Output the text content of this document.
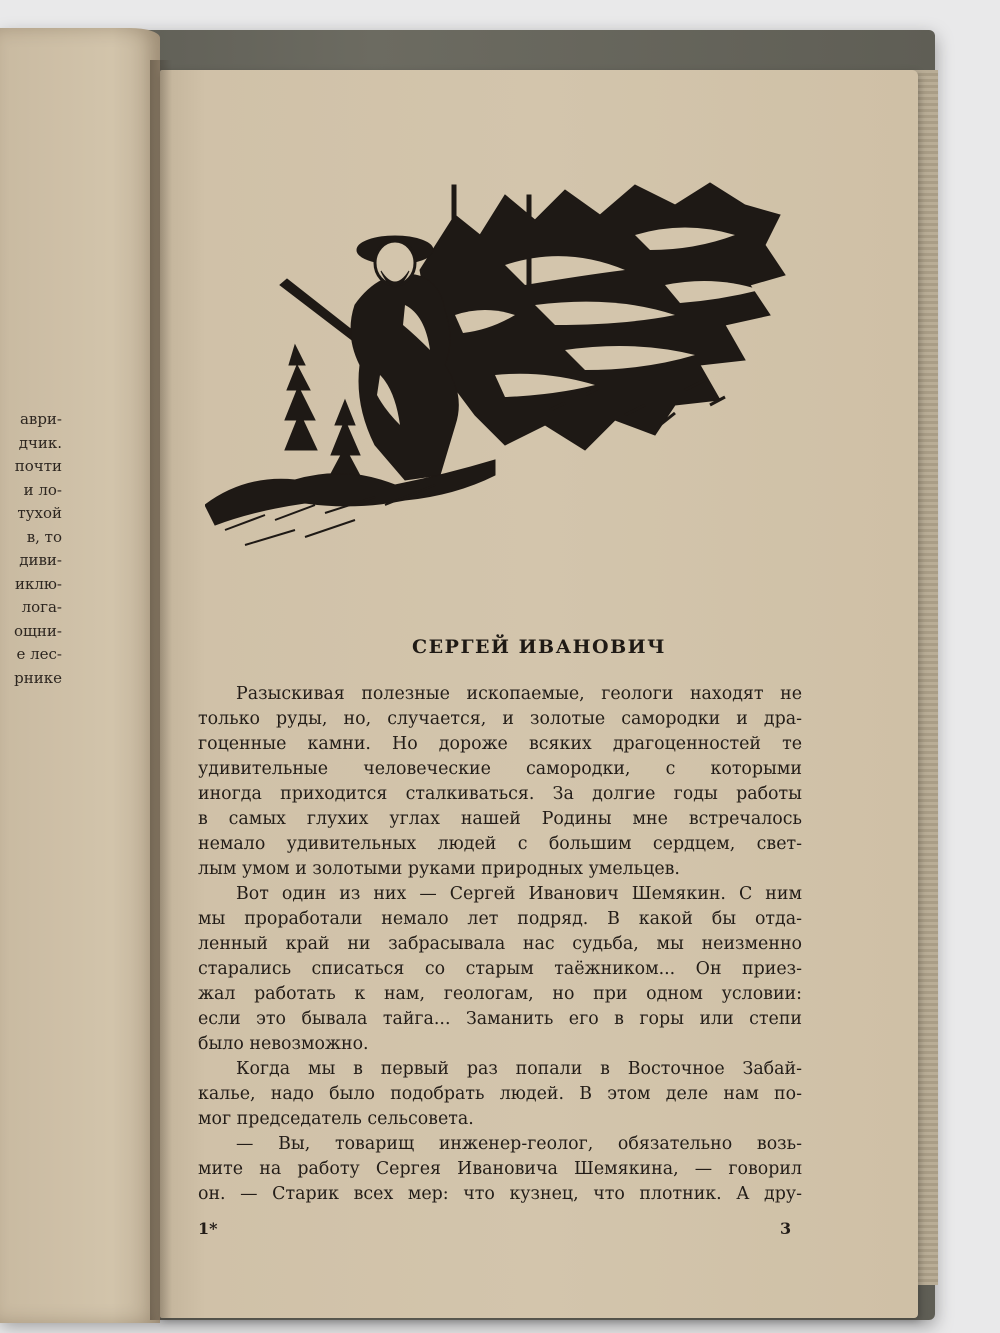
аври-
дчик.
почти
и ло-
тухой
в, то
диви-
иклю-
лога-
ощни-
е лес-
рнике
СЕРГЕЙ ИВАНОВИЧ
Разыскивая полезные ископаемые, геологи находят не
только руды, но, случается, и золотые самородки и дра-
гоценные камни. Но дороже всяких драгоценностей те
удивительные человеческие самородки, с которыми
иногда приходится сталкиваться. За долгие годы работы
в самых глухих углах нашей Родины мне встречалось
немало удивительных людей с большим сердцем, свет-
лым умом и золотыми руками природных умельцев.
Вот один из них — Сергей Иванович Шемякин. С ним
мы проработали немало лет подряд. В какой бы отда-
ленный край ни забрасывала нас судьба, мы неизменно
старались списаться со старым таёжником... Он приез-
жал работать к нам, геологам, но при одном условии:
если это бывала тайга... Заманить его в горы или степи
было невозможно.
Когда мы в первый раз попали в Восточное Забай-
калье, надо было подобрать людей. В этом деле нам по-
мог председатель сельсовета.
— Вы, товарищ инженер-геолог, обязательно возь-
мите на работу Сергея Ивановича Шемякина, — говорил
он. — Старик всех мер: что кузнец, что плотник. А дру-
1*	3
